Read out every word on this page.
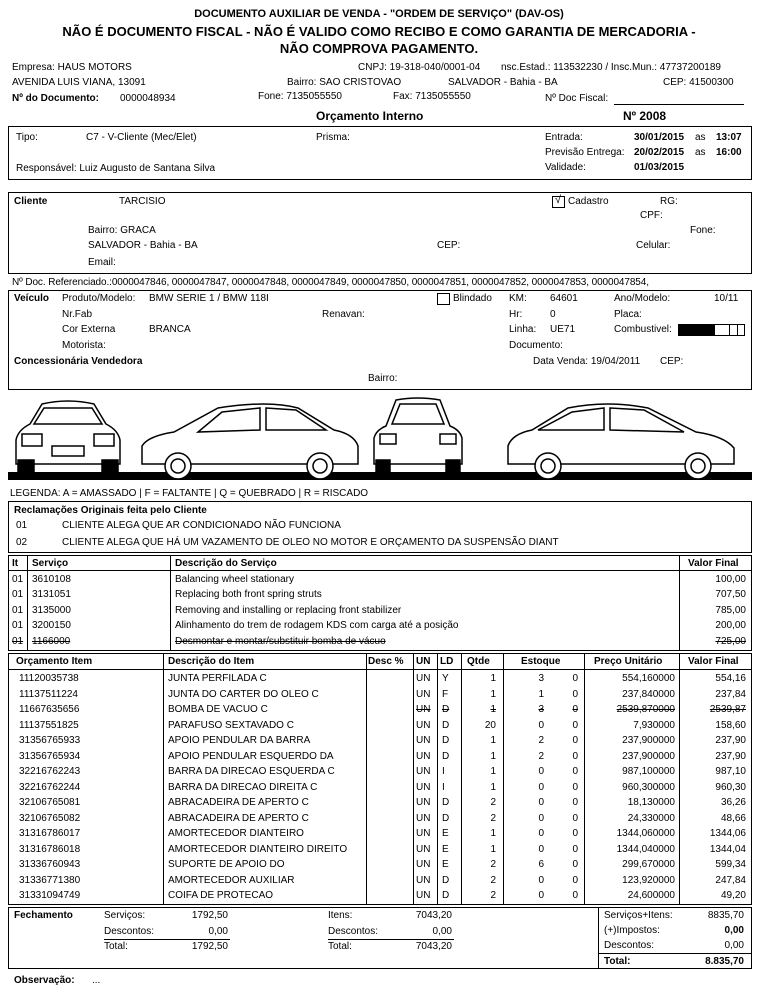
DOCUMENTO AUXILIAR DE VENDA - "ORDEM DE SERVIÇO" (DAV-OS)
NÃO É DOCUMENTO FISCAL - NÃO É VALIDO COMO RECIBO E COMO GARANTIA DE MERCADORIA -
NÃO COMPROVA PAGAMENTO.
Empresa: HAUS MOTORS	CNPJ: 19-318-040/0001-04 nsc.Estad.: 113532230 / Insc.Mun.: 47737200189
AVENIDA LUIS VIANA, 13091	Bairro: SAO CRISTOVAO	SALVADOR - Bahia - BA	CEP: 41500300
Nº do Documento: 0000048934	Fone: 7135055550	Fax: 7135055550	Nº Doc Fiscal:
Orçamento Interno	Nº 2008
Tipo:	C7 - V-Cliente (Mec/Elet)	Prisma:	Entrada:	30/01/2015 as 13:07
Previsão Entrega: 20/02/2015 as 16:00
Validade:	01/03/2015
Responsável: Luiz Augusto de Santana Silva
Cliente	TARCISIO	√ Cadastro	RG:
CPF:
Bairro: GRACA	Fone:
SALVADOR - Bahia - BA	CEP:	Celular:
Email:
Nº Doc. Referenciado.:0000047846, 0000047847, 0000047848, 0000047849, 0000047850, 0000047851, 0000047852, 0000047853, 0000047854,
Veículo Produto/Modelo: BMW SERIE 1 / BMW 118I	Blindado KM: 64601	Ano/Modelo:	10/11
Nr.Fab	Renavan:	Hr:	0	Placa:
Cor Externa	BRANCA	Linha: UE71	Combustivel:
Motorista:	Documento:
Concessionária Vendedora	Data Venda: 19/04/2011 CEP:
Bairro:
LEGENDA: A = AMASSADO | F = FALTANTE | Q = QUEBRADO | R = RISCADO
Reclamações Originais feita pelo Cliente
01	CLIENTE ALEGA QUE AR CONDICIONADO NÃO FUNCIONA
02	CLIENTE ALEGA QUE HÁ UM VAZAMENTO DE OLEO NO MOTOR E ORÇAMENTO DA SUSPENSÃO DIANT
It Serviço	Descrição do Serviço	Valor Final
01 3610108	Balancing wheel stationary	100,00
01 3131051	Replacing both front spring struts	707,50
01 3135000	Removing and installing or replacing front stabilizer	785,00
01 3200150	Alinhamento do trem de rodagem KDS com carga até a posição	200,00
01 1166000	Desmontar e montar/substituir bomba de vácuo	725,00
Orçamento Item	Descrição do Item	Desc % UN LD Qtde	Estoque	Preço Unitário	Valor Final
11120035738	JUNTA PERFILADA C	UN Y	1	3	0	554,160000	554,16
11137511224	JUNTA DO CARTER DO OLEO C	UN F	1	1	0	237,840000	237,84
11667635656	BOMBA DE VACUO C	UN D	1	3	0	2539,870000	2539,87
11137551825	PARAFUSO SEXTAVADO C	UN D	20	0	0	7,930000	158,60
31356765933	APOIO PENDULAR DA BARRA	UN D	1	2	0	237,900000	237,90
31356765934	APOIO PENDULAR ESQUERDO DA	UN D	1	2	0	237,900000	237,90
32216762243	BARRA DA DIRECAO ESQUERDA C	UN I	1	0	0	987,100000	987,10
32216762244	BARRA DA DIRECAO DIREITA C	UN I	1	0	0	960,300000	960,30
32106765081	ABRACADEIRA DE APERTO C	UN D	2	0	0	18,130000	36,26
32106765082	ABRACADEIRA DE APERTO C	UN D	2	0	0	24,330000	48,66
31316786017	AMORTECEDOR DIANTEIRO	UN E	1	0	0	1344,060000	1344,06
31316786018	AMORTECEDOR DIANTEIRO DIREITO	UN E	1	0	0	1344,040000	1344,04
31336760943	SUPORTE DE APOIO DO	UN E	2	6	0	299,670000	599,34
31336771380	AMORTECEDOR AUXILIAR	UN D	2	0	0	123,920000	247,84
31331094749	COIFA DE PROTECAO	UN D	2	0	0	24,600000	49,20
Fechamento	Serviços:	1792,50
Descontos:	0,00
Total:	1792,50
Itens:	7043,20
Descontos:	0,00
Total:	7043,20
Serviços+Itens:	8835,70
(+)Impostos:	0,00
Descontos:	0,00
Total:	8.835,70
Observação: ...
